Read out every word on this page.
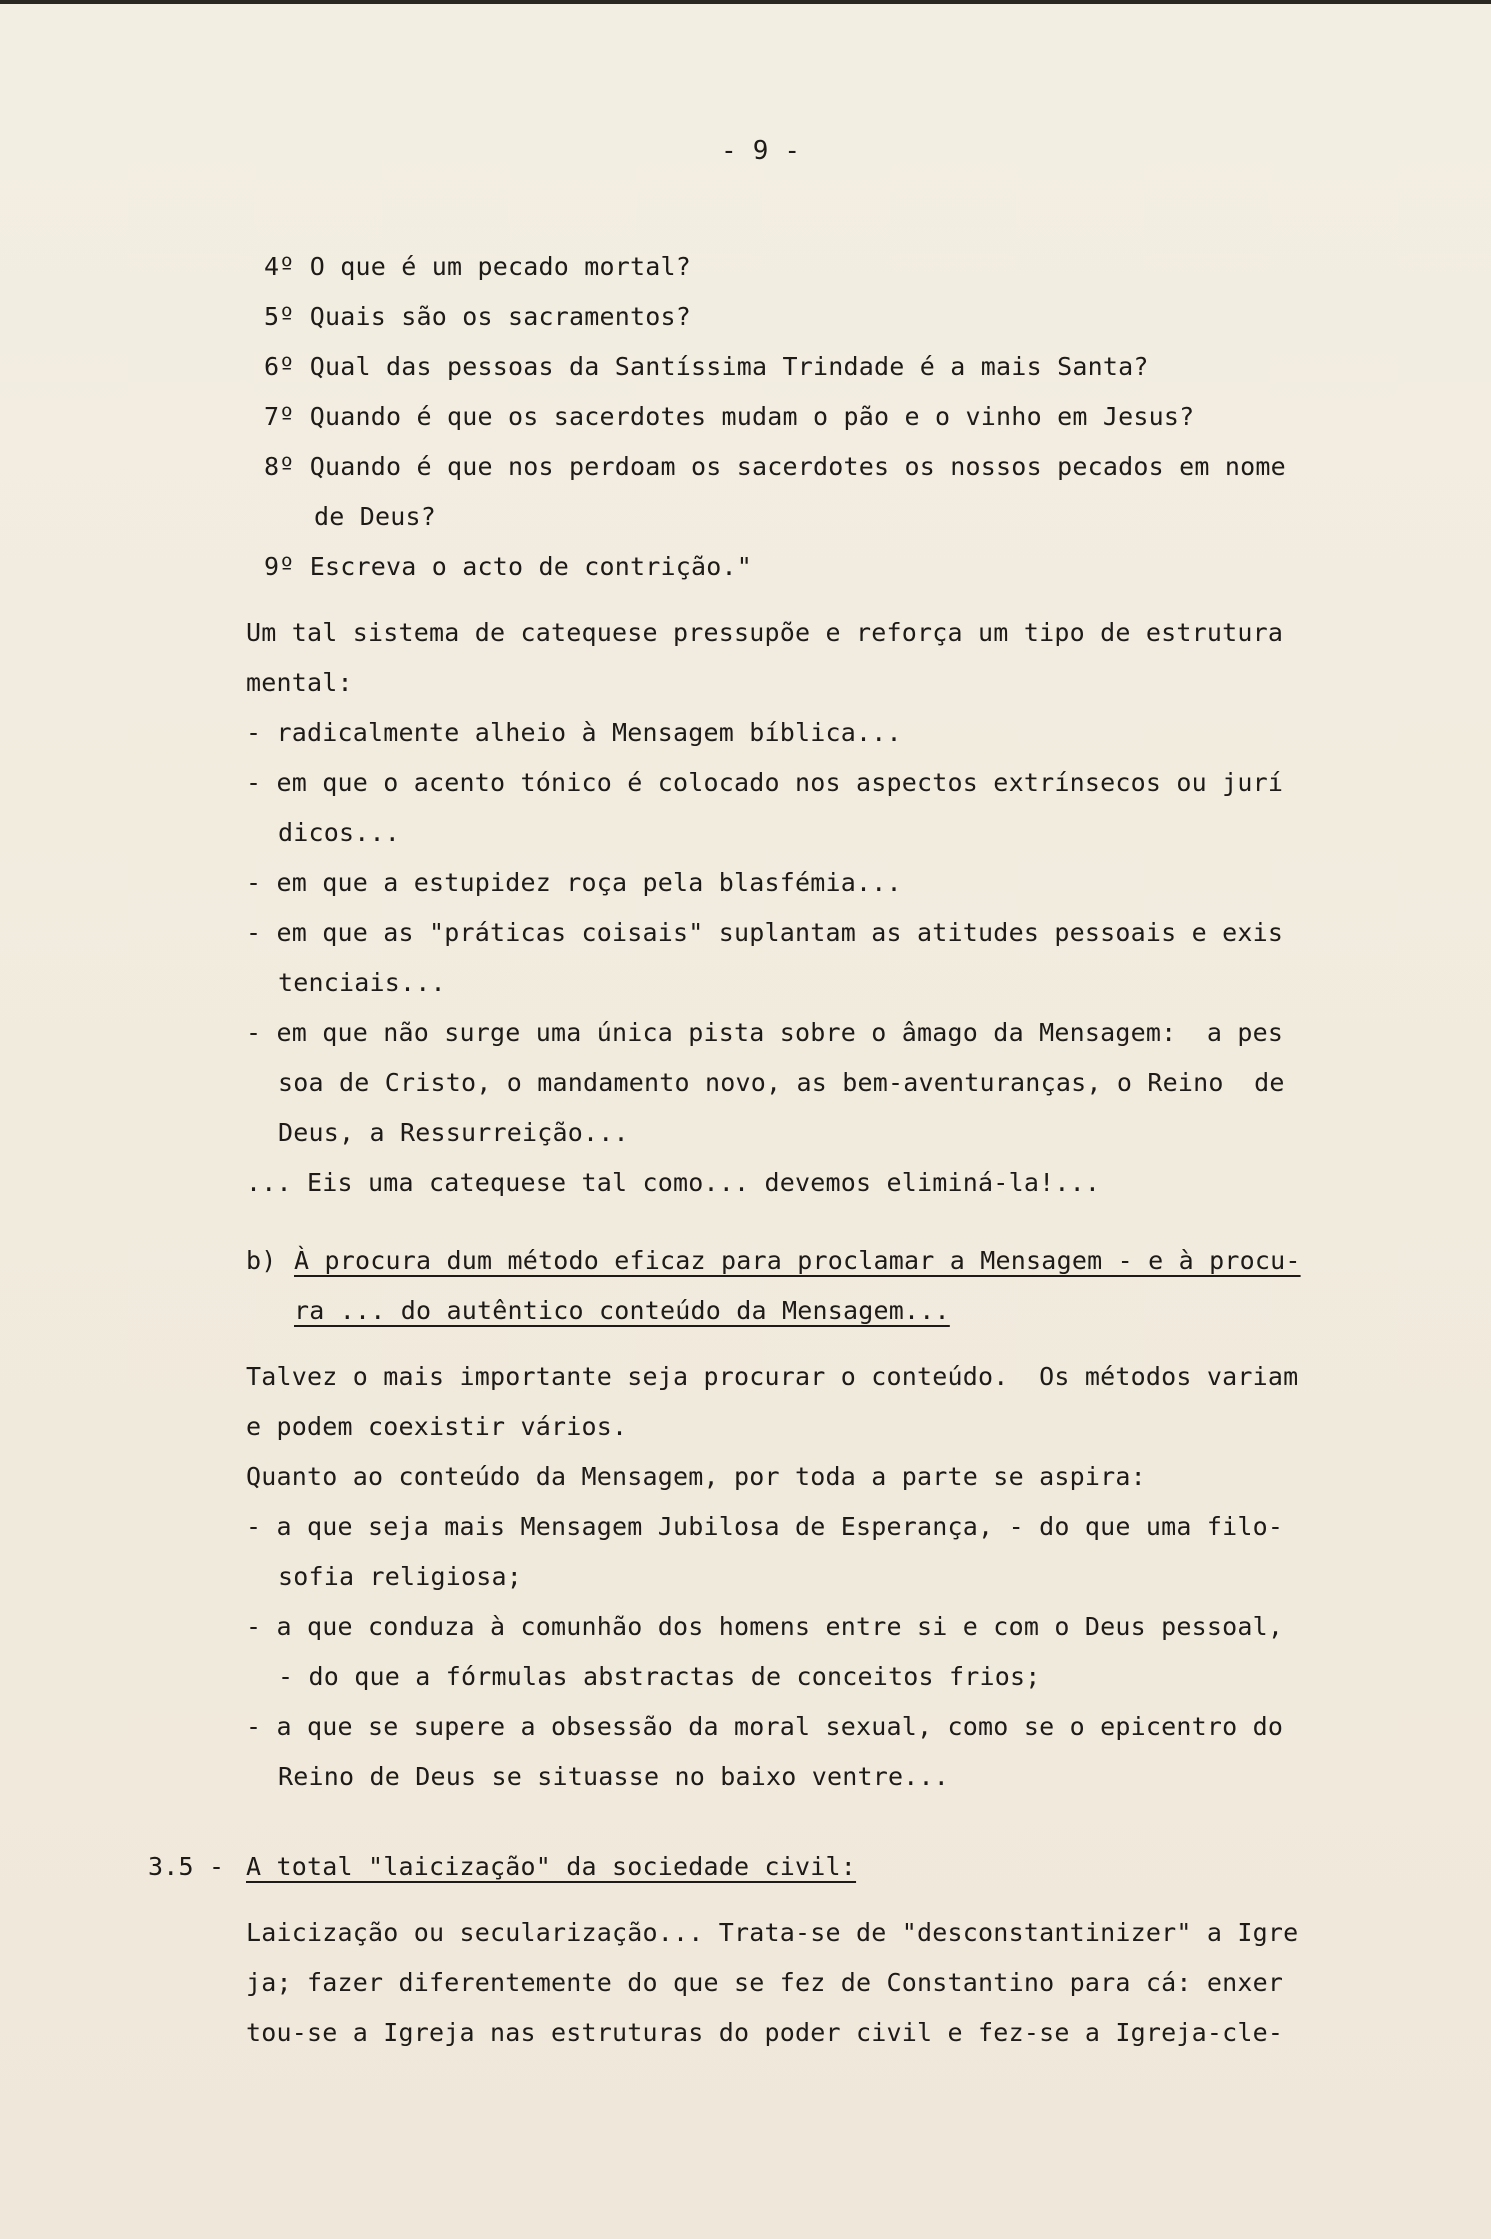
- 9 -
4º O que é um pecado mortal?
5º Quais são os sacramentos?
6º Qual das pessoas da Santíssima Trindade é a mais Santa?
7º Quando é que os sacerdotes mudam o pão e o vinho em Jesus?
8º Quando é que nos perdoam os sacerdotes os nossos pecados em nome
de Deus?
9º Escreva o acto de contrição."
Um tal sistema de catequese pressupõe e reforça um tipo de estrutura
mental:
- radicalmente alheio à Mensagem bíblica...
- em que o acento tónico é colocado nos aspectos extrínsecos ou jurí
dicos...
- em que a estupidez roça pela blasfémia...
- em que as "práticas coisais" suplantam as atitudes pessoais e exis
tenciais...
- em que não surge uma única pista sobre o âmago da Mensagem:  a pes
soa de Cristo, o mandamento novo, as bem-aventuranças, o Reino  de
Deus, a Ressurreição...
... Eis uma catequese tal como... devemos eliminá-la!...
b) À procura dum método eficaz para proclamar a Mensagem - e à procu-
ra ... do autêntico conteúdo da Mensagem...
Talvez o mais importante seja procurar o conteúdo.  Os métodos variam
e podem coexistir vários.
Quanto ao conteúdo da Mensagem, por toda a parte se aspira:
- a que seja mais Mensagem Jubilosa de Esperança, - do que uma filo-
sofia religiosa;
- a que conduza à comunhão dos homens entre si e com o Deus pessoal,
- do que a fórmulas abstractas de conceitos frios;
- a que se supere a obsessão da moral sexual, como se o epicentro do
Reino de Deus se situasse no baixo ventre...
3.5 - A total "laicização" da sociedade civil:
Laicização ou secularização... Trata-se de "desconstantinizer" a Igre
ja; fazer diferentemente do que se fez de Constantino para cá: enxer
tou-se a Igreja nas estruturas do poder civil e fez-se a Igreja-cle-
